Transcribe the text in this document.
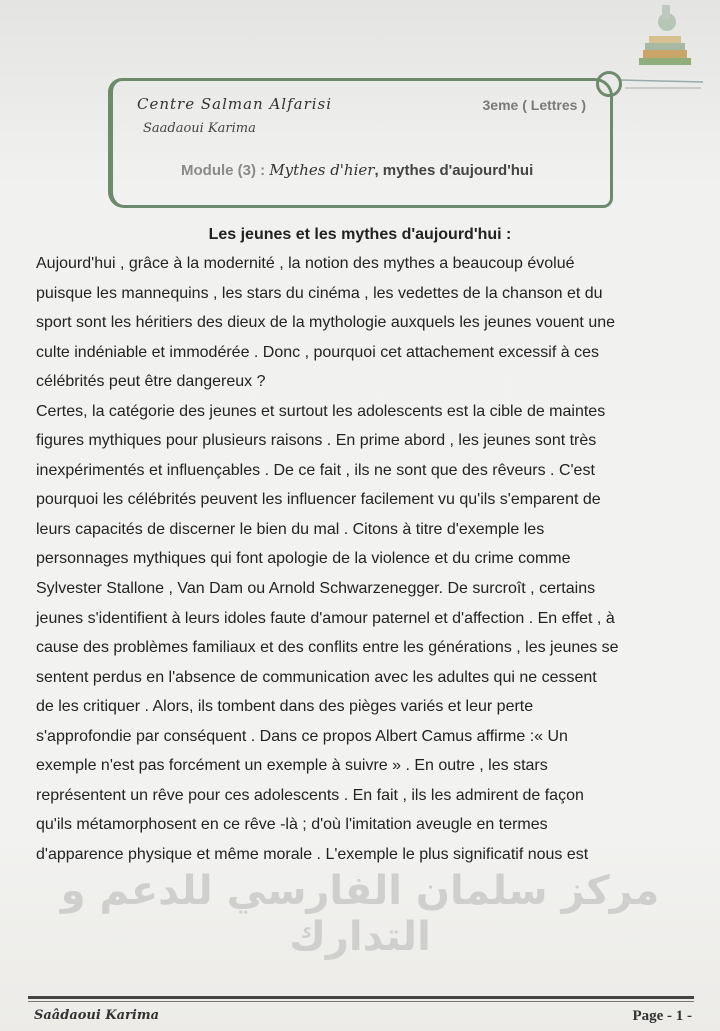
Centre Salman Alfarisi
Saadaoui Karima
3eme ( Lettres )
Module (3) : Mythes d'hier, mythes d'aujourd'hui
Les jeunes et les mythes d'aujourd'hui :
Aujourd'hui , grâce à la modernité , la notion des mythes a beaucoup évolué
puisque les mannequins , les stars du cinéma , les vedettes de la chanson et du
sport sont les héritiers des dieux de la mythologie auxquels les jeunes vouent une
culte indéniable et immodérée . Donc , pourquoi cet attachement excessif à ces
célébrités peut être dangereux ?
Certes, la catégorie des jeunes et surtout les adolescents est la cible de maintes
figures mythiques pour plusieurs raisons . En prime abord , les jeunes sont très
inexpérimentés et influençables . De ce fait , ils ne sont que des rêveurs . C'est
pourquoi les célébrités peuvent les influencer facilement vu qu'ils s'emparent de
leurs capacités de discerner le bien du mal . Citons à titre d'exemple les
personnages mythiques qui font apologie de la violence et du crime comme
Sylvester Stallone , Van Dam ou Arnold Schwarzenegger. De surcroît , certains
jeunes s'identifient à leurs idoles faute d'amour paternel et d'affection . En effet , à
cause des problèmes familiaux et des conflits entre les générations , les jeunes se
sentent perdus en l'absence de communication avec les adultes qui ne cessent
de les critiquer . Alors, ils tombent dans des pièges variés et leur perte
s'approfondie par conséquent . Dans ce propos Albert Camus affirme :« Un
exemple n'est pas forcément un exemple à suivre » . En outre , les stars
représentent un rêve pour ces adolescents . En fait , ils les admirent de façon
qu'ils métamorphosent en ce rêve -là ; d'où l'imitation aveugle en termes
d'apparence physique et même morale . L'exemple le plus significatif nous est
مركز سلمان الفارسي للدعم و التدارك
Saâdaoui Karima	Page - 1 -
